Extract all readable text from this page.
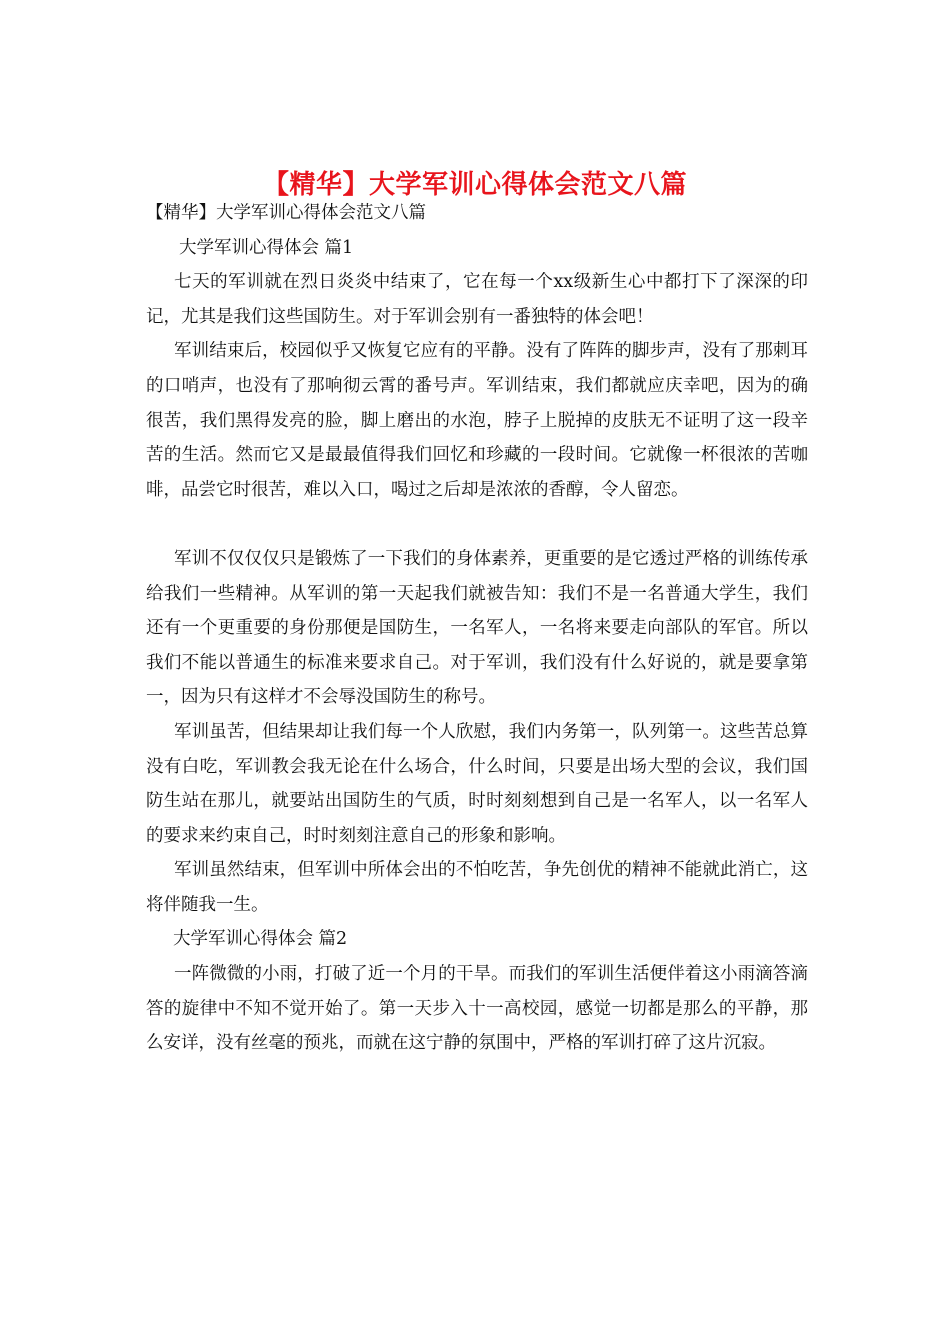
【精华】大学军训心得体会范文八篇

【精华】大学军训心得体会范文八篇

大学军训心得体会 篇1

七天的军训就在烈日炎炎中结束了，它在每一个xx级新生心中都打下了深深的印记，尤其是我们这些国防生。对于军训会别有一番独特的体会吧！

军训结束后，校园似乎又恢复它应有的平静。没有了阵阵的脚步声，没有了那刺耳的口哨声，也没有了那响彻云霄的番号声。军训结束，我们都就应庆幸吧，因为的确很苦，我们黑得发亮的脸，脚上磨出的水泡，脖子上脱掉的皮肤无不证明了这一段辛苦的生活。然而它又是最最值得我们回忆和珍藏的一段时间。它就像一杯很浓的苦咖啡，品尝它时很苦，难以入口，喝过之后却是浓浓的香醇，令人留恋。

军训不仅仅仅只是锻炼了一下我们的身体素养，更重要的是它透过严格的训练传承给我们一些精神。从军训的第一天起我们就被告知：我们不是一名普通大学生，我们还有一个更重要的身份那便是国防生，一名军人，一名将来要走向部队的军官。所以我们不能以普通生的标准来要求自己。对于军训，我们没有什么好说的，就是要拿第一，因为只有这样才不会辱没国防生的称号。

军训虽苦，但结果却让我们每一个人欣慰，我们内务第一，队列第一。这些苦总算没有白吃，军训教会我无论在什么场合，什么时间，只要是出场大型的会议，我们国防生站在那儿，就要站出国防生的气质，时时刻刻想到自己是一名军人，以一名军人的要求来约束自己，时时刻刻注意自己的形象和影响。

军训虽然结束，但军训中所体会出的不怕吃苦，争先创优的精神不能就此消亡，这将伴随我一生。

大学军训心得体会 篇2

一阵微微的小雨，打破了近一个月的干旱。而我们的军训生活便伴着这小雨滴答滴答的旋律中不知不觉开始了。第一天步入十一高校园，感觉一切都是那么的平静，那么安详，没有丝毫的预兆，而就在这宁静的氛围中，严格的军训打碎了这片沉寂。
